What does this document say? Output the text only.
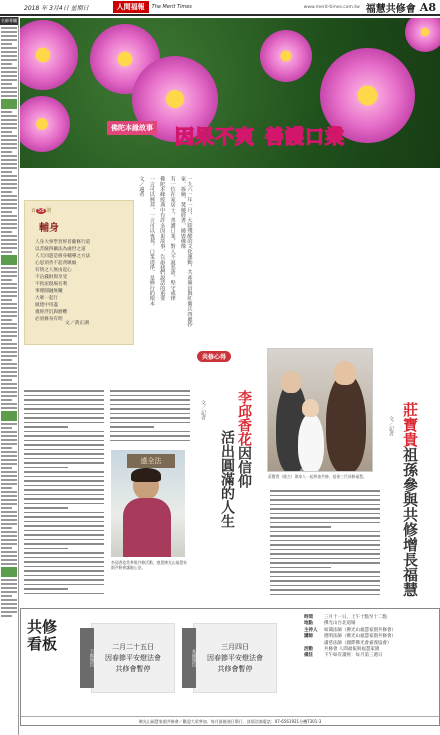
2018 年 3月4日 星期日	人間福報	The Merit Times	www.merit-times.com.tw 福慧共修會 A8
名師專欄
佛陀本緣故事 因果不爽 善護口業
百 58 的
輔身
人身大事學習經普薩修行道
以菩薩四攝法為處世之道
人天同遊是修身輔導之方法
心思須善不起貪瞋癡
有情之人無由起心
不沾錢財與享受
不拘泥現場名利
事理圓融無礙
大眾一起行
做建中用盡
幾經浮沉與磨難
必須修身有明
文／黃正湖	一九六一年一月，大陸殘酷的文化運動，共產黨員與紅衛兵四處抄家、拆廟、焚燒經書，燒毀佛像

有一位在家居士，善護口業，對人不說惡語，堅守戒律

佛陀本緣經典中有許多因果故事，告訴我們說話的重要

一言可以興邦，一言可以喪邦。口業清淨，是修行的根本

文／遠者
莊寶貴（後左）與家人一起參加共修，祖孫三代同修福慧。
莊寶貴祖孫參與共修增長福慧
文／記者
共修心得
李邱香花因信仰
活出圓滿的人生
文／記者
盛全法
李邱香花常參與共修活動，感恩佛光山福慧家園共修會讓她心安。
共修看板
下期預告
二月二十五日
因春節平安燈法會
共修會暫停
本週預告
三月四日
因春節平安燈法會
共修會暫停
時間	三月十一日，上午十點至十二點
地點	佛光山台北道場
主持人	如聞法師（佛光山福慧家園共修會）
講師	德明法師（佛光山福慧家園共修會）
滿慈法師（國際佛光會嘉義協會）
活動	共修會 人間福報與福慧家園
備註	下午如有讀經：每月第三週日
佛光山福慧家園共修會／歡迎大眾參加．每月最後週日舉行．詳情洽詢電話：07-6561921分機7301-3
